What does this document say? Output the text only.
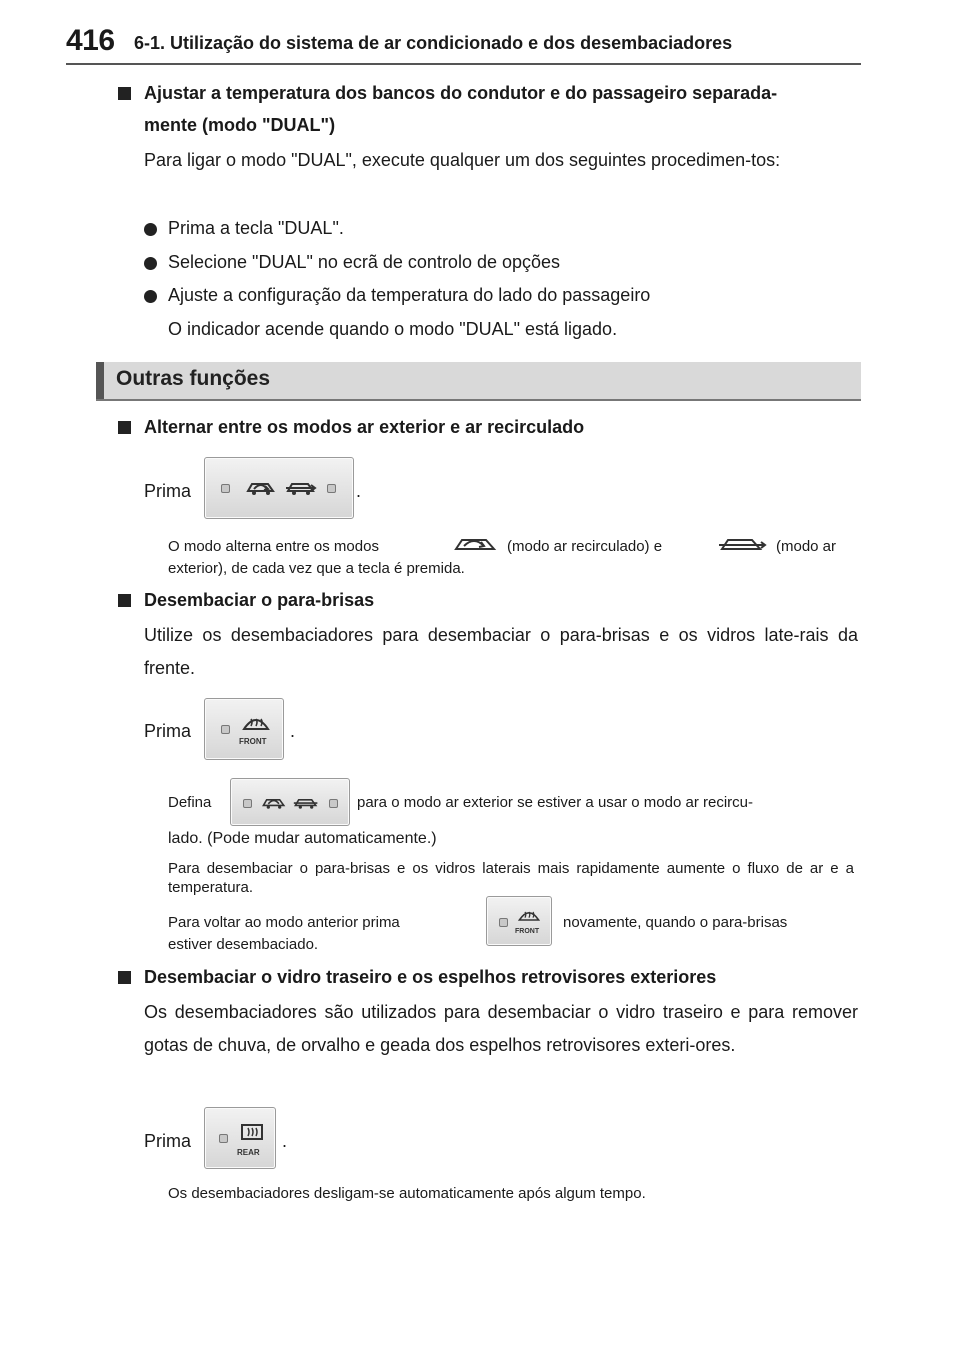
416 6-1. Utilização do sistema de ar condicionado e dos desembaciadores
Ajustar a temperatura dos bancos do condutor e do passageiro separada-
mente (modo "DUAL")
Para ligar o modo "DUAL", execute qualquer um dos seguintes procedimen-tos:
Prima a tecla "DUAL".
Selecione "DUAL" no ecrã de controlo de opções
Ajuste a configuração da temperatura do lado do passageiro
O indicador acende quando o modo "DUAL" está ligado.
Outras funções
Alternar entre os modos ar exterior e ar recirculado
Prima	.
O modo alterna entre os modos	(modo ar recirculado) e	(modo ar
exterior), de cada vez que a tecla é premida.
Desembaciar o para-brisas
Utilize os desembaciadores para desembaciar o para-brisas e os vidros late-rais da frente.
Prima
FRONT
.
Defina	para o modo ar exterior se estiver a usar o modo ar recircu-
lado. (Pode mudar automaticamente.)
Para desembaciar o para-brisas e os vidros laterais mais rapidamente aumente o fluxo de ar e a temperatura.
Para voltar ao modo anterior prima
FRONT
novamente, quando o para-brisas
estiver desembaciado.
Desembaciar o vidro traseiro e os espelhos retrovisores exteriores
Os desembaciadores são utilizados para desembaciar o vidro traseiro e para remover gotas de chuva, de orvalho e geada dos espelhos retrovisores exteri-ores.
Prima
REAR
.
Os desembaciadores desligam-se automaticamente após algum tempo.
